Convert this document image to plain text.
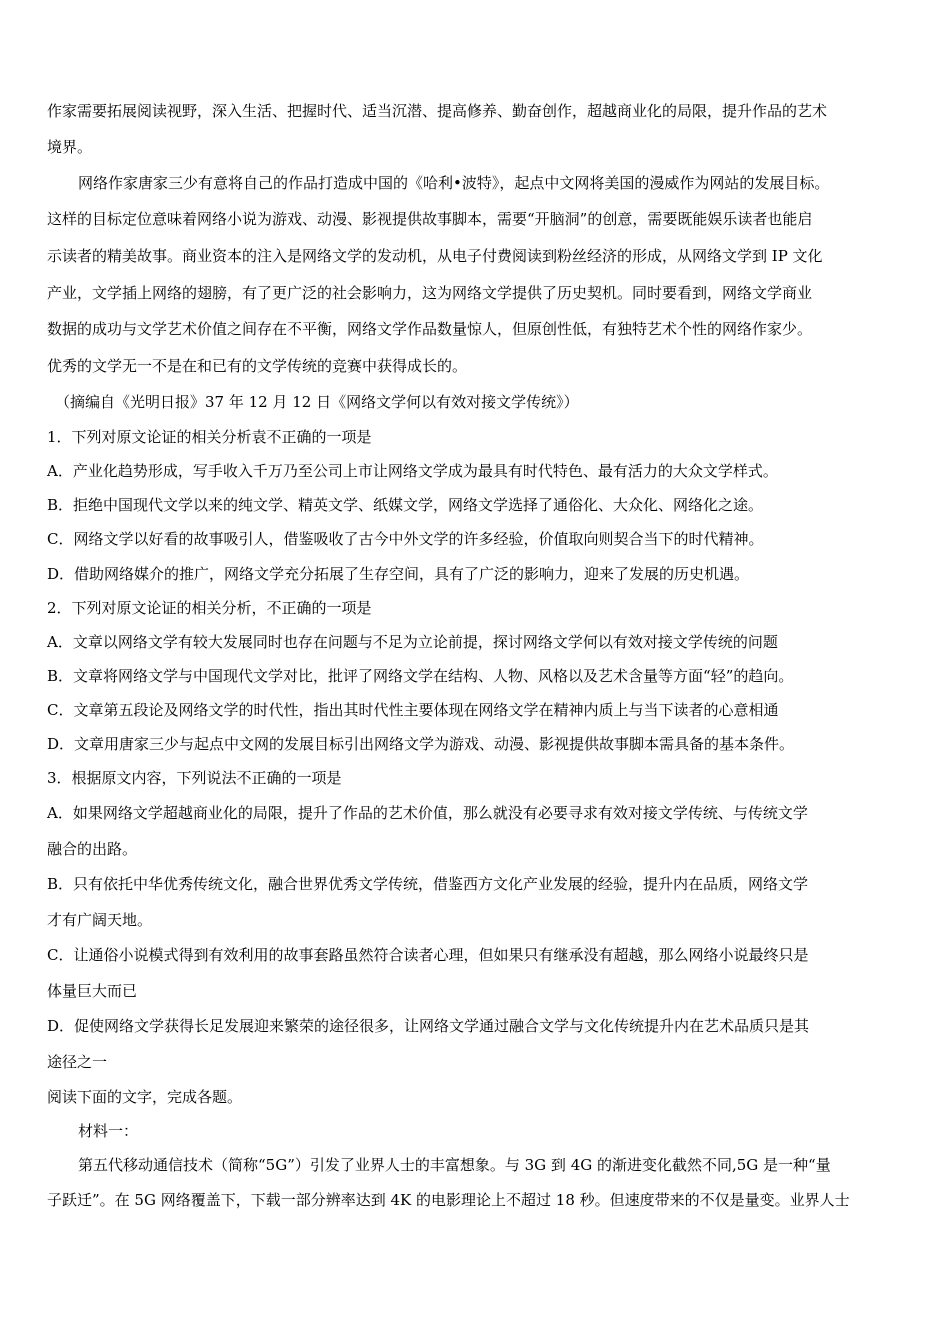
作家需要拓展阅读视野，深入生活、把握时代、适当沉潜、提高修养、勤奋创作，超越商业化的局限，提升作品的艺术
境界。
网络作家唐家三少有意将自己的作品打造成中国的《哈利•波特》，起点中文网将美国的漫威作为网站的发展目标。
这样的目标定位意味着网络小说为游戏、动漫、影视提供故事脚本，需要“开脑洞”的创意，需要既能娱乐读者也能启
示读者的精美故事。商业资本的注入是网络文学的发动机，从电子付费阅读到粉丝经济的形成，从网络文学到 IP 文化
产业，文学插上网络的翅膀，有了更广泛的社会影响力，这为网络文学提供了历史契机。同时要看到，网络文学商业
数据的成功与文学艺术价值之间存在不平衡，网络文学作品数量惊人，但原创性低，有独特艺术个性的网络作家少。
优秀的文学无一不是在和已有的文学传统的竞赛中获得成长的。
（摘编自《光明日报》37 年 12 月 12 日《网络文学何以有效对接文学传统》）
1．下列对原文论证的相关分析袁不正确的一项是
A．产业化趋势形成，写手收入千万乃至公司上市让网络文学成为最具有时代特色、最有活力的大众文学样式。
B．拒绝中国现代文学以来的纯文学、精英文学、纸媒文学，网络文学选择了通俗化、大众化、网络化之途。
C．网络文学以好看的故事吸引人，借鉴吸收了古今中外文学的许多经验，价值取向则契合当下的时代精神。
D．借助网络媒介的推广，网络文学充分拓展了生存空间，具有了广泛的影响力，迎来了发展的历史机遇。
2．下列对原文论证的相关分析，不正确的一项是
A．文章以网络文学有较大发展同时也存在问题与不足为立论前提，探讨网络文学何以有效对接文学传统的问题
B．文章将网络文学与中国现代文学对比，批评了网络文学在结构、人物、风格以及艺术含量等方面“轻”的趋向。
C．文章第五段论及网络文学的时代性，指出其时代性主要体现在网络文学在精神内质上与当下读者的心意相通
D．文章用唐家三少与起点中文网的发展目标引出网络文学为游戏、动漫、影视提供故事脚本需具备的基本条件。
3．根据原文内容，下列说法不正确的一项是
A．如果网络文学超越商业化的局限，提升了作品的艺术价值，那么就没有必要寻求有效对接文学传统、与传统文学
融合的出路。
B．只有依托中华优秀传统文化，融合世界优秀文学传统，借鉴西方文化产业发展的经验，提升内在品质，网络文学
才有广阔天地。
C．让通俗小说模式得到有效利用的故事套路虽然符合读者心理，但如果只有继承没有超越，那么网络小说最终只是
体量巨大而已
D．促使网络文学获得长足发展迎来繁荣的途径很多，让网络文学通过融合文学与文化传统提升内在艺术品质只是其
途径之一
阅读下面的文字，完成各题。
材料一：
第五代移动通信技术（简称“5G”）引发了业界人士的丰富想象。与 3G 到 4G 的渐进变化截然不同,5G 是一种“量
子跃迁”。在 5G 网络覆盖下，下载一部分辨率达到 4K 的电影理论上不超过 18 秒。但速度带来的不仅是量变。业界人士
